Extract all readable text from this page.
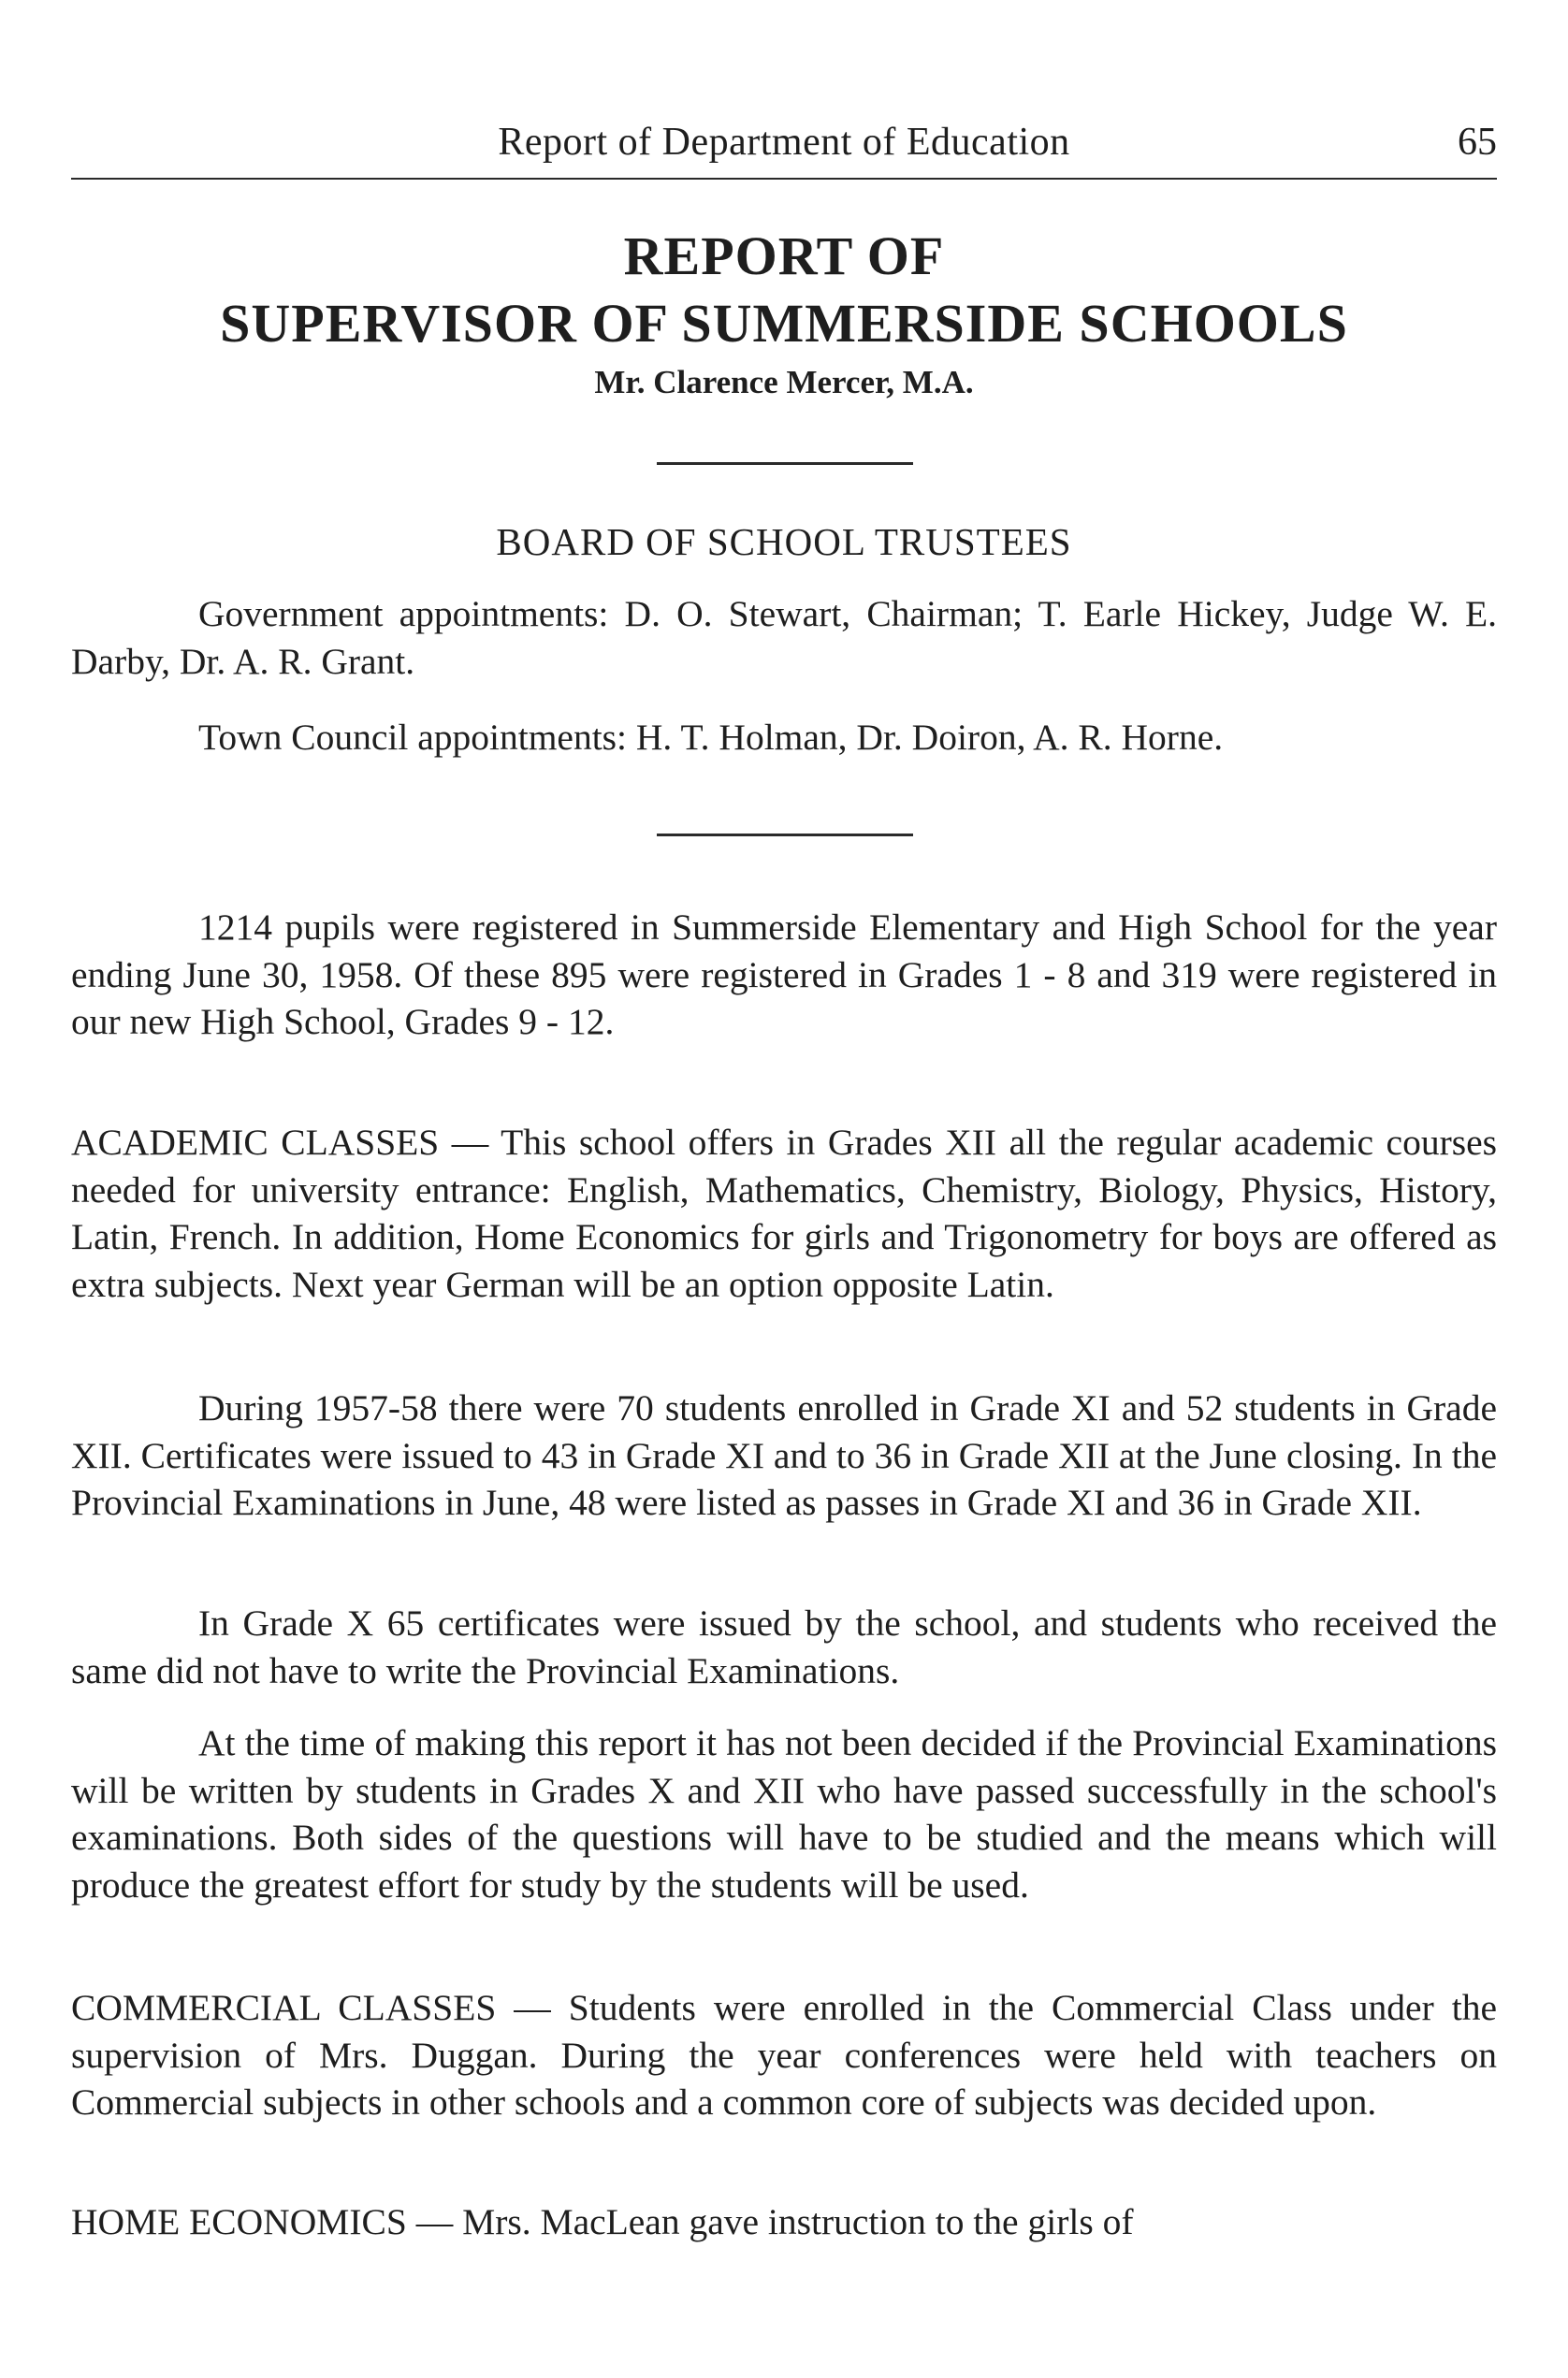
Report of Department of Education	65
REPORT OF
SUPERVISOR OF SUMMERSIDE SCHOOLS
Mr. Clarence Mercer, M.A.
BOARD OF SCHOOL TRUSTEES

Government appointments: D. O. Stewart, Chairman; T. Earle Hickey, Judge W. E. Darby, Dr. A. R. Grant.

Town Council appointments: H. T. Holman, Dr. Doiron, A. R. Horne.

1214 pupils were registered in Summerside Elementary and High School for the year ending June 30, 1958. Of these 895 were registered in Grades 1 - 8 and 319 were registered in our new High School, Grades 9 - 12.

ACADEMIC CLASSES — This school offers in Grades XII all the regular academic courses needed for university entrance: English, Mathematics, Chemistry, Biology, Physics, History, Latin, French. In addition, Home Economics for girls and Trigonometry for boys are offered as extra subjects. Next year German will be an option opposite Latin.

During 1957-58 there were 70 students enrolled in Grade XI and 52 students in Grade XII. Certificates were issued to 43 in Grade XI and to 36 in Grade XII at the June closing. In the Provincial Examinations in June, 48 were listed as passes in Grade XI and 36 in Grade XII.

In Grade X 65 certificates were issued by the school, and students who received the same did not have to write the Provincial Examinations.

At the time of making this report it has not been decided if the Provincial Examinations will be written by students in Grades X and XII who have passed successfully in the school's examinations. Both sides of the questions will have to be studied and the means which will produce the greatest effort for study by the students will be used.

COMMERCIAL CLASSES — Students were enrolled in the Commercial Class under the supervision of Mrs. Duggan. During the year conferences were held with teachers on Commercial subjects in other schools and a common core of subjects was decided upon.

HOME ECONOMICS — Mrs. MacLean gave instruction to the girls of
